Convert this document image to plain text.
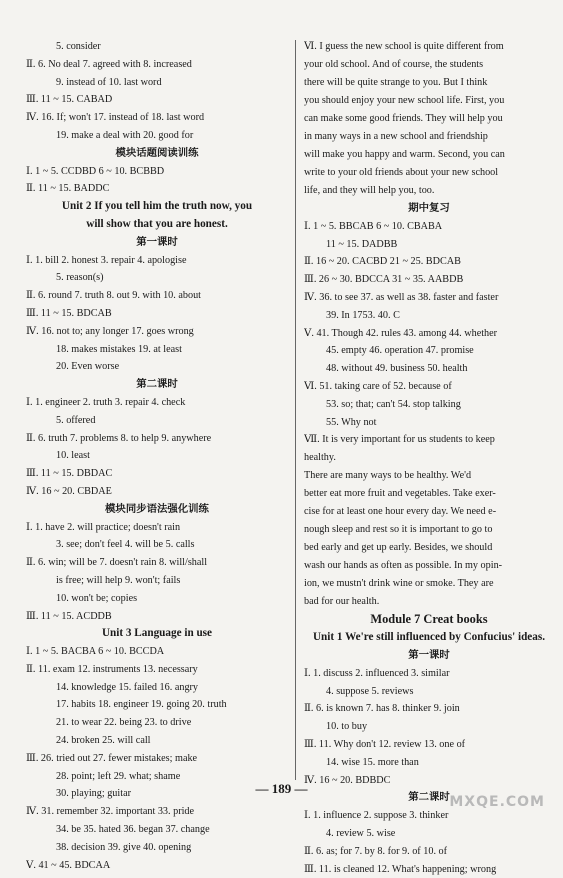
5. consider
Ⅱ. 6. No deal 7. agreed with 8. increased
9. instead of 10. last word
Ⅲ. 11 ~ 15. CABAD
Ⅳ. 16. If; won't 17. instead of 18. last word
19. make a deal with 20. good for
模块话题阅读训练
Ⅰ. 1 ~ 5. CCDBD 6 ~ 10. BCBBD
Ⅱ. 11 ~ 15. BADDC
Unit 2 If you tell him the truth now, you
will show that you are honest.
第一课时
Ⅰ. 1. bill 2. honest 3. repair 4. apologise
5. reason(s)
Ⅱ. 6. round 7. truth 8. out 9. with 10. about
Ⅲ. 11 ~ 15. BDCAB
Ⅳ. 16. not to; any longer 17. goes wrong
18. makes mistakes 19. at least
20. Even worse
第二课时
Ⅰ. 1. engineer 2. truth 3. repair 4. check
5. offered
Ⅱ. 6. truth 7. problems 8. to help 9. anywhere
10. least
Ⅲ. 11 ~ 15. DBDAC
Ⅳ. 16 ~ 20. CBDAE
模块同步语法强化训练
Ⅰ. 1. have 2. will practice; doesn't rain
3. see; don't feel 4. will be 5. calls
Ⅱ. 6. win; will be 7. doesn't rain 8. will/shall
is free; will help 9. won't; fails
10. won't be; copies
Ⅲ. 11 ~ 15. ACDDB
Unit 3 Language in use
Ⅰ. 1 ~ 5. BACBA 6 ~ 10. BCCDA
Ⅱ. 11. exam 12. instruments 13. necessary
14. knowledge 15. failed 16. angry
17. habits 18. engineer 19. going 20. truth
21. to wear 22. being 23. to drive
24. broken 25. will call
Ⅲ. 26. tried out 27. fewer mistakes; make
28. point; left 29. what; shame
30. playing; guitar
Ⅳ. 31. remember 32. important 33. pride
34. be 35. hated 36. began 37. change
38. decision 39. give 40. opening
Ⅴ. 41 ~ 45. BDCAA
Ⅵ. I guess the new school is quite different from
your old school. And of course, the students
there will be quite strange to you. But I think
you should enjoy your new school life. First, you
can make some good friends. They will help you
in many ways in a new school and friendship
will make you happy and warm. Second, you can
write to your old friends about your new school
life, and they will help you, too.
期中复习
Ⅰ. 1 ~ 5. BBCAB 6 ~ 10. CBABA
11 ~ 15. DADBB
Ⅱ. 16 ~ 20. CACBD 21 ~ 25. BDCAB
Ⅲ. 26 ~ 30. BDCCA 31 ~ 35. AABDB
Ⅳ. 36. to see 37. as well as 38. faster and faster
39. In 1753. 40. C
Ⅴ. 41. Though 42. rules 43. among 44. whether
45. empty 46. operation 47. promise
48. without 49. business 50. health
Ⅵ. 51. taking care of 52. because of
53. so; that; can't 54. stop talking
55. Why not
Ⅶ. It is very important for us students to keep
healthy.
There are many ways to be healthy. We'd
better eat more fruit and vegetables. Take exer-
cise for at least one hour every day. We need e-
nough sleep and rest so it is important to go to
bed early and get up early. Besides, we should
wash our hands as often as possible. In my opin-
ion, we mustn't drink wine or smoke. They are
bad for our health.
Module 7 Creat books
Unit 1 We're still influenced by Confucius' ideas.
第一课时
Ⅰ. 1. discuss 2. influenced 3. similar
4. suppose 5. reviews
Ⅱ. 6. is known 7. has 8. thinker 9. join
10. to buy
Ⅲ. 11. Why don't 12. review 13. one of
14. wise 15. more than
Ⅳ. 16 ~ 20. BDBDC
第二课时
Ⅰ. 1. influence 2. suppose 3. thinker
4. review 5. wise
Ⅱ. 6. as; for 7. by 8. for 9. of 10. of
Ⅲ. 11. is cleaned 12. What's happening; wrong
— 189 —
MXQE.COM
